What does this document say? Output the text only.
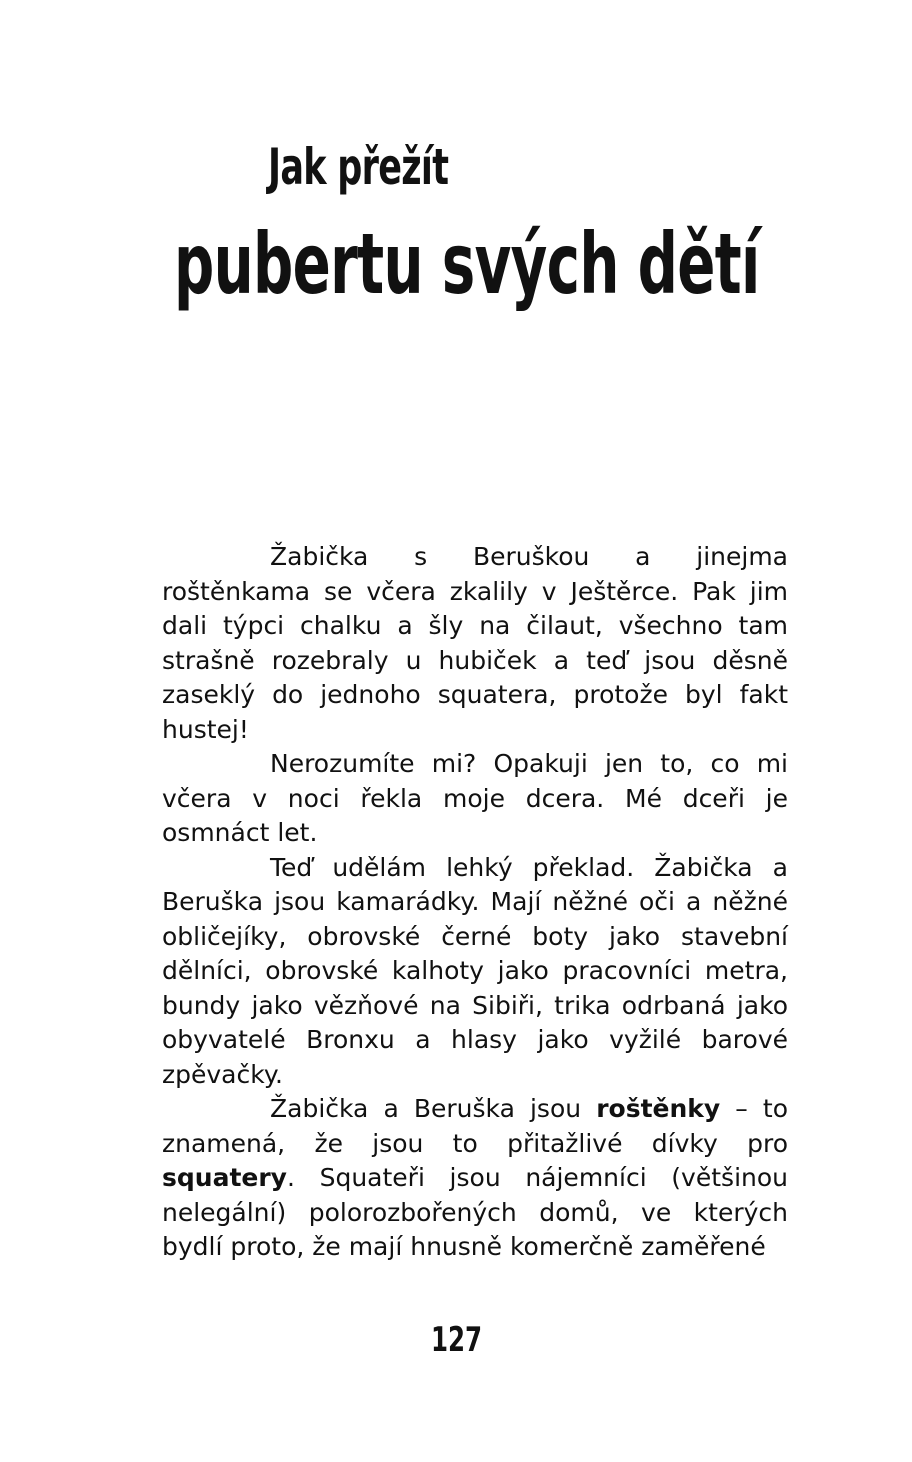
Jak přežít
pubertu svých dětí

Žabička s Beruškou a jinejma roštěnkama se včera zkalily v Ještěrce. Pak jim dali týpci chalku a šly na čilaut, všechno tam strašně rozebraly u hubiček a teď jsou děsně zaseklý do jednoho squatera, protože byl fakt hustej!

Nerozumíte mi? Opakuji jen to, co mi včera v noci řekla moje dcera. Mé dceři je osmnáct let.

Teď udělám lehký překlad. Žabička a Beruška jsou kamarádky. Mají něžné oči a něžné obličejíky, obrovské černé boty jako stavební dělníci, obrovské kalhoty jako pracovníci metra, bundy jako vězňové na Sibiři, trika odrbaná jako obyvatelé Bronxu a hlasy jako vyžilé barové zpěvačky.

Žabička a Beruška jsou roštěnky – to znamená, že jsou to přitažlivé dívky pro squatery. Squateři jsou nájemníci (většinou nelegální) polorozbořených domů, ve kterých bydlí proto, že mají hnusně komerčně zaměřené

127
